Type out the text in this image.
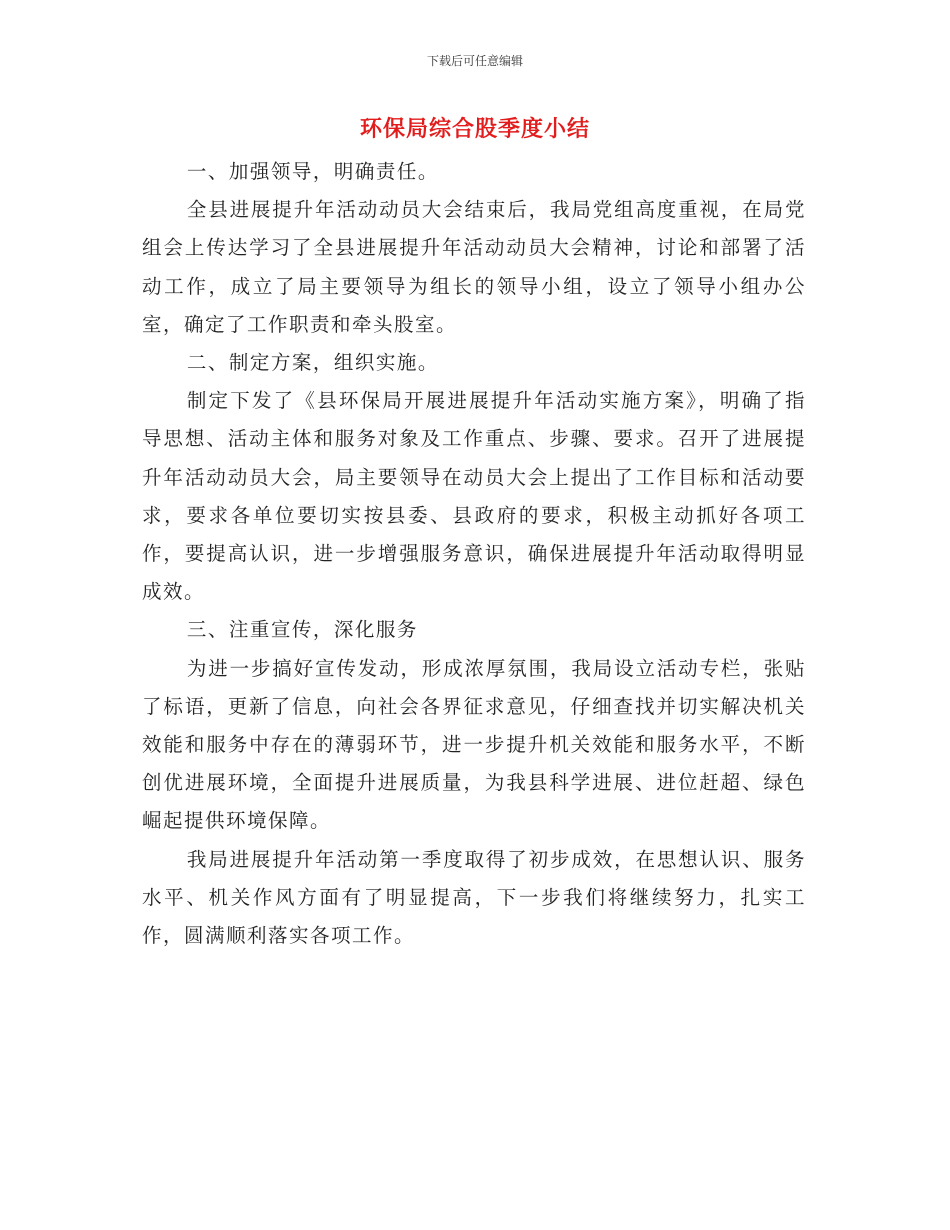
下载后可任意编辑
环保局综合股季度小结

一、加强领导，明确责任。

全县进展提升年活动动员大会结束后，我局党组高度重视，在局党组会上传达学习了全县进展提升年活动动员大会精神，讨论和部署了活动工作，成立了局主要领导为组长的领导小组，设立了领导小组办公室，确定了工作职责和牵头股室。

二、制定方案，组织实施。

制定下发了《县环保局开展进展提升年活动实施方案》，明确了指导思想、活动主体和服务对象及工作重点、步骤、要求。召开了进展提升年活动动员大会，局主要领导在动员大会上提出了工作目标和活动要求，要求各单位要切实按县委、县政府的要求，积极主动抓好各项工作，要提高认识，进一步增强服务意识，确保进展提升年活动取得明显成效。

三、注重宣传，深化服务

为进一步搞好宣传发动，形成浓厚氛围，我局设立活动专栏，张贴了标语，更新了信息，向社会各界征求意见，仔细查找并切实解决机关效能和服务中存在的薄弱环节，进一步提升机关效能和服务水平，不断创优进展环境，全面提升进展质量，为我县科学进展、进位赶超、绿色崛起提供环境保障。

我局进展提升年活动第一季度取得了初步成效，在思想认识、服务水平、机关作风方面有了明显提高，下一步我们将继续努力，扎实工作，圆满顺利落实各项工作。
